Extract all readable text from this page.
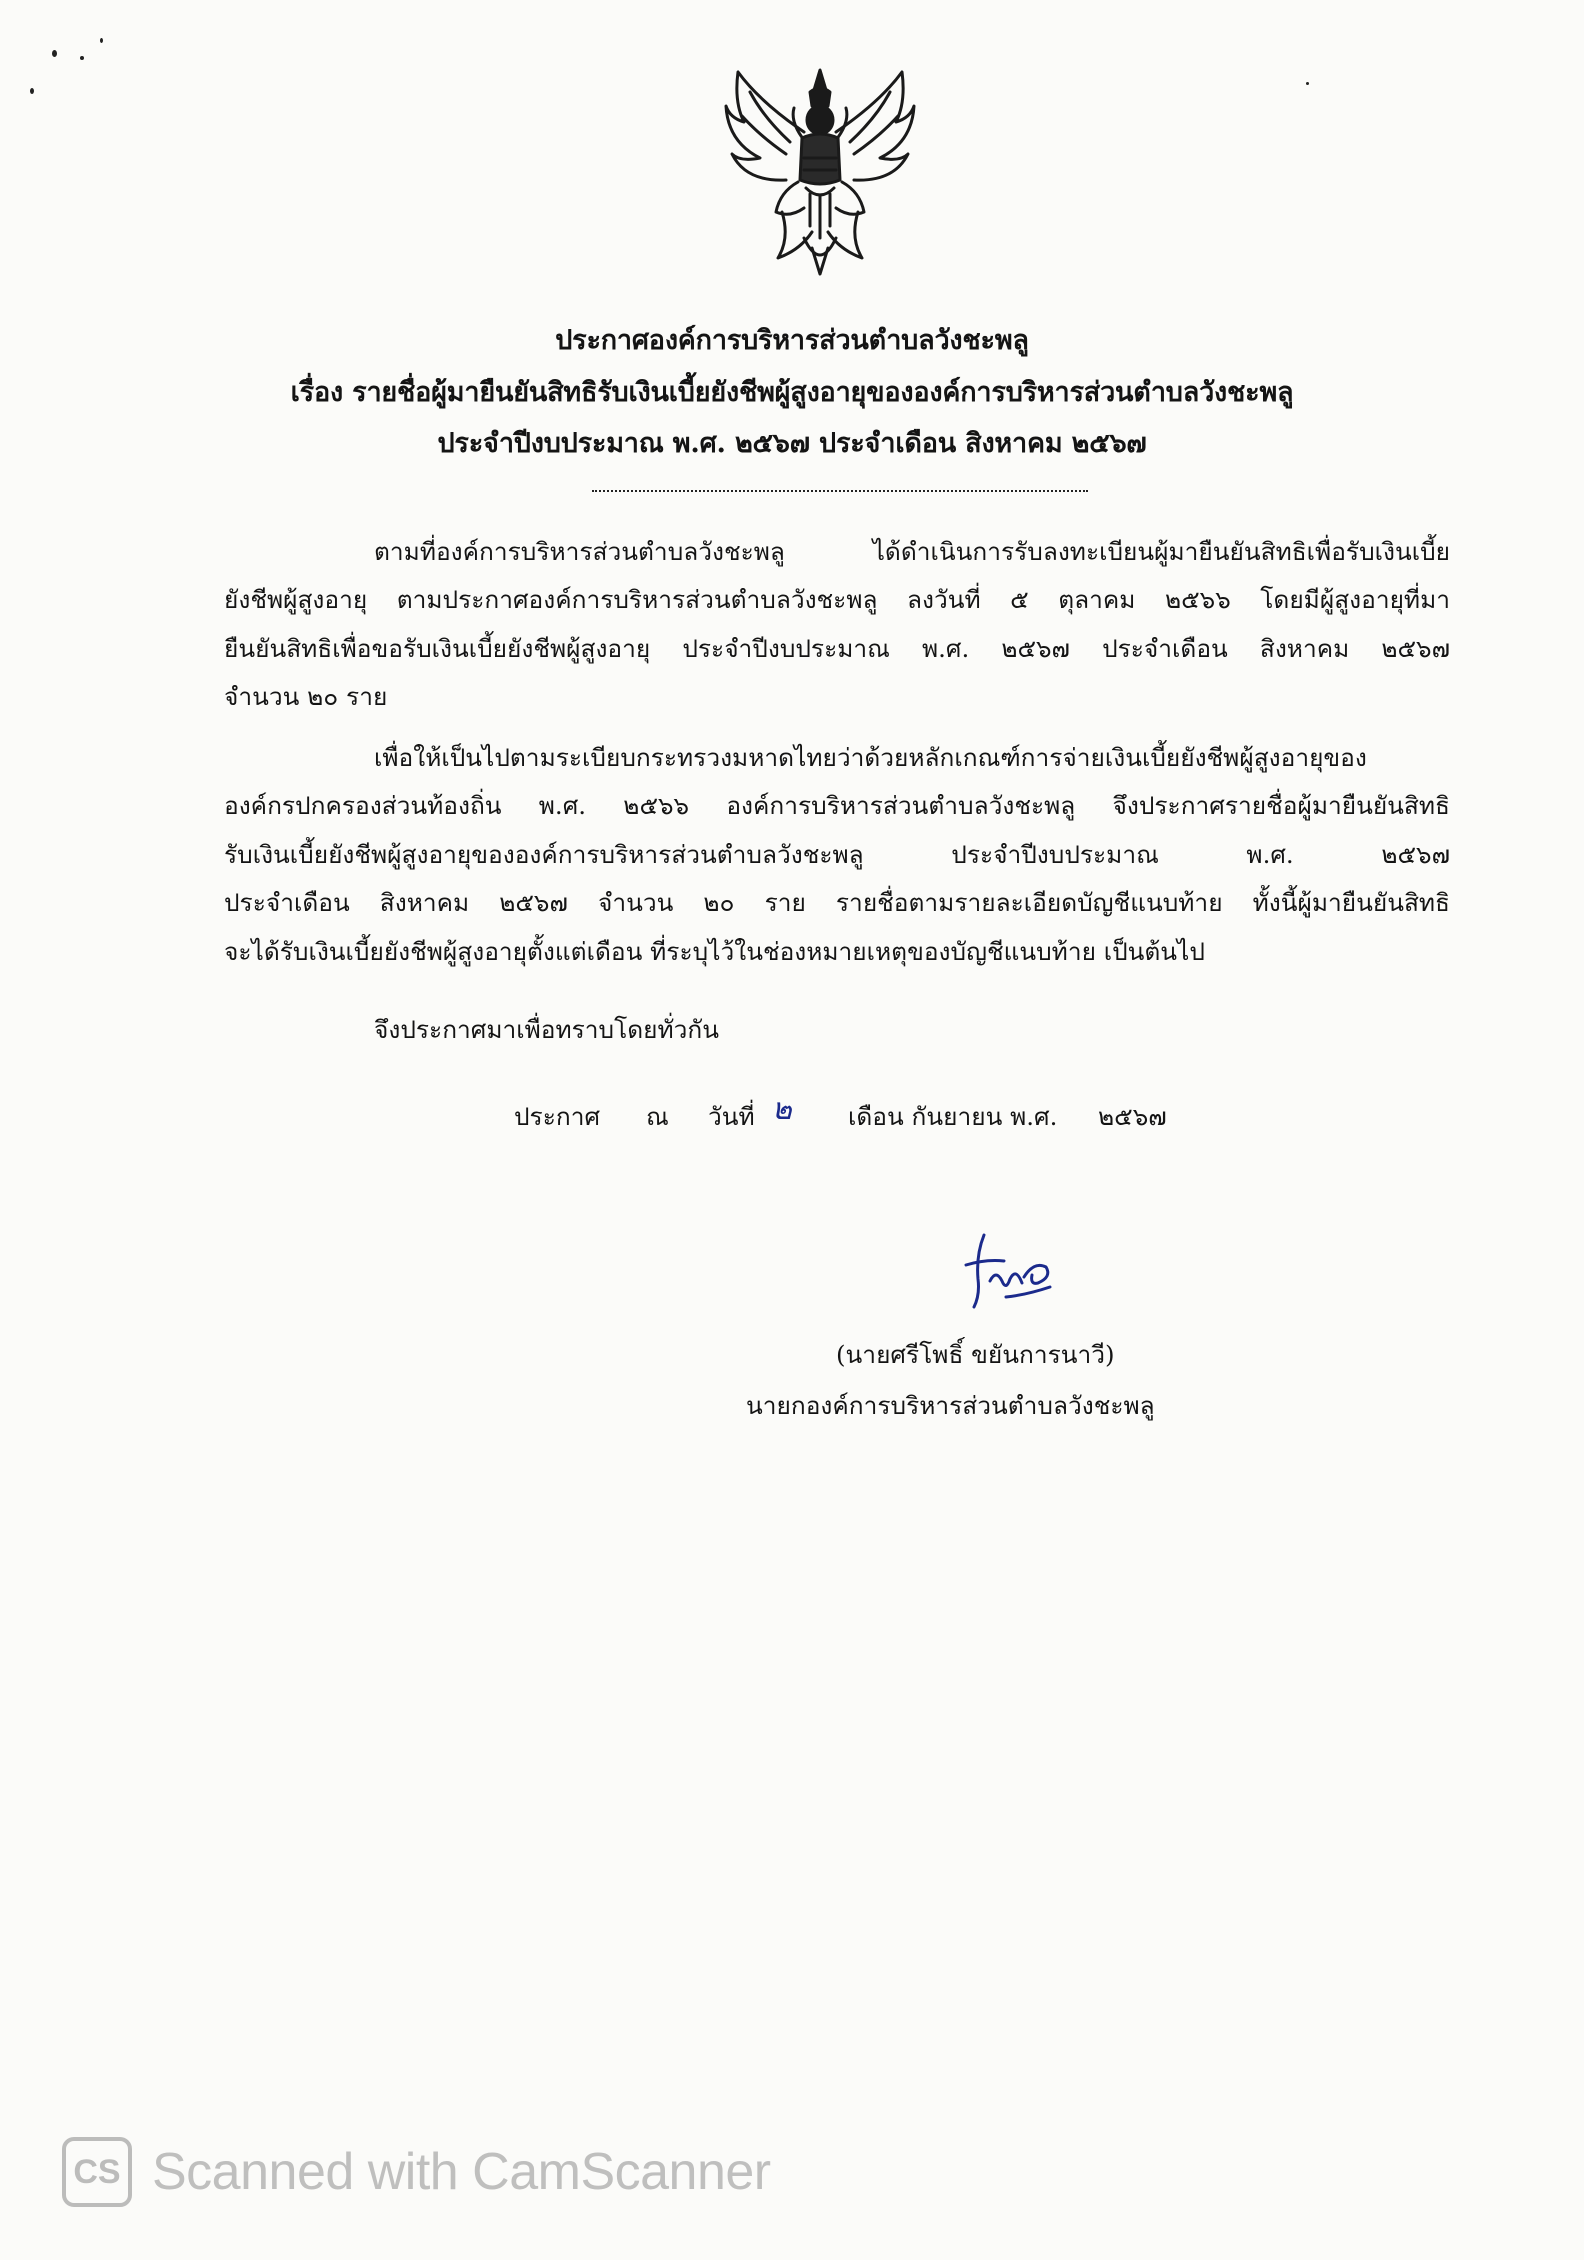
ประกาศองค์การบริหารส่วนตำบลวังชะพลู
เรื่อง รายชื่อผู้มายืนยันสิทธิรับเงินเบี้ยยังชีพผู้สูงอายุขององค์การบริหารส่วนตำบลวังชะพลู
ประจำปีงบประมาณ พ.ศ. ๒๕๖๗ ประจำเดือน สิงหาคม ๒๕๖๗
ตามที่องค์การบริหารส่วนตำบลวังชะพลู ได้ดำเนินการรับลงทะเบียนผู้มายืนยันสิทธิเพื่อรับเงินเบี้ย
ยังชีพผู้สูงอายุ ตามประกาศองค์การบริหารส่วนตำบลวังชะพลู ลงวันที่ ๕ ตุลาคม ๒๕๖๖ โดยมีผู้สูงอายุที่มา
ยืนยันสิทธิเพื่อขอรับเงินเบี้ยยังชีพผู้สูงอายุ ประจำปีงบประมาณ พ.ศ. ๒๕๖๗ ประจำเดือน สิงหาคม ๒๕๖๗
จำนวน ๒๐ ราย
เพื่อให้เป็นไปตามระเบียบกระทรวงมหาดไทยว่าด้วยหลักเกณฑ์การจ่ายเงินเบี้ยยังชีพผู้สูงอายุของ
องค์กรปกครองส่วนท้องถิ่น พ.ศ. ๒๕๖๖ องค์การบริหารส่วนตำบลวังชะพลู จึงประกาศรายชื่อผู้มายืนยันสิทธิ
รับเงินเบี้ยยังชีพผู้สูงอายุขององค์การบริหารส่วนตำบลวังชะพลู ประจำปีงบประมาณ พ.ศ. ๒๕๖๗
ประจำเดือน สิงหาคม ๒๕๖๗ จำนวน ๒๐ ราย รายชื่อตามรายละเอียดบัญชีแนบท้าย ทั้งนี้ผู้มายืนยันสิทธิ
จะได้รับเงินเบี้ยยังชีพผู้สูงอายุตั้งแต่เดือน ที่ระบุไว้ในช่องหมายเหตุของบัญชีแนบท้าย เป็นต้นไป
จึงประกาศมาเพื่อทราบโดยทั่วกัน
ประกาศ ณ วันที่ ๒ เดือน กันยายน พ.ศ. ๒๕๖๗
(นายศรีโพธิ์ ขยันการนาวี)
นายกองค์การบริหารส่วนตำบลวังชะพลู
CS Scanned with CamScanner
